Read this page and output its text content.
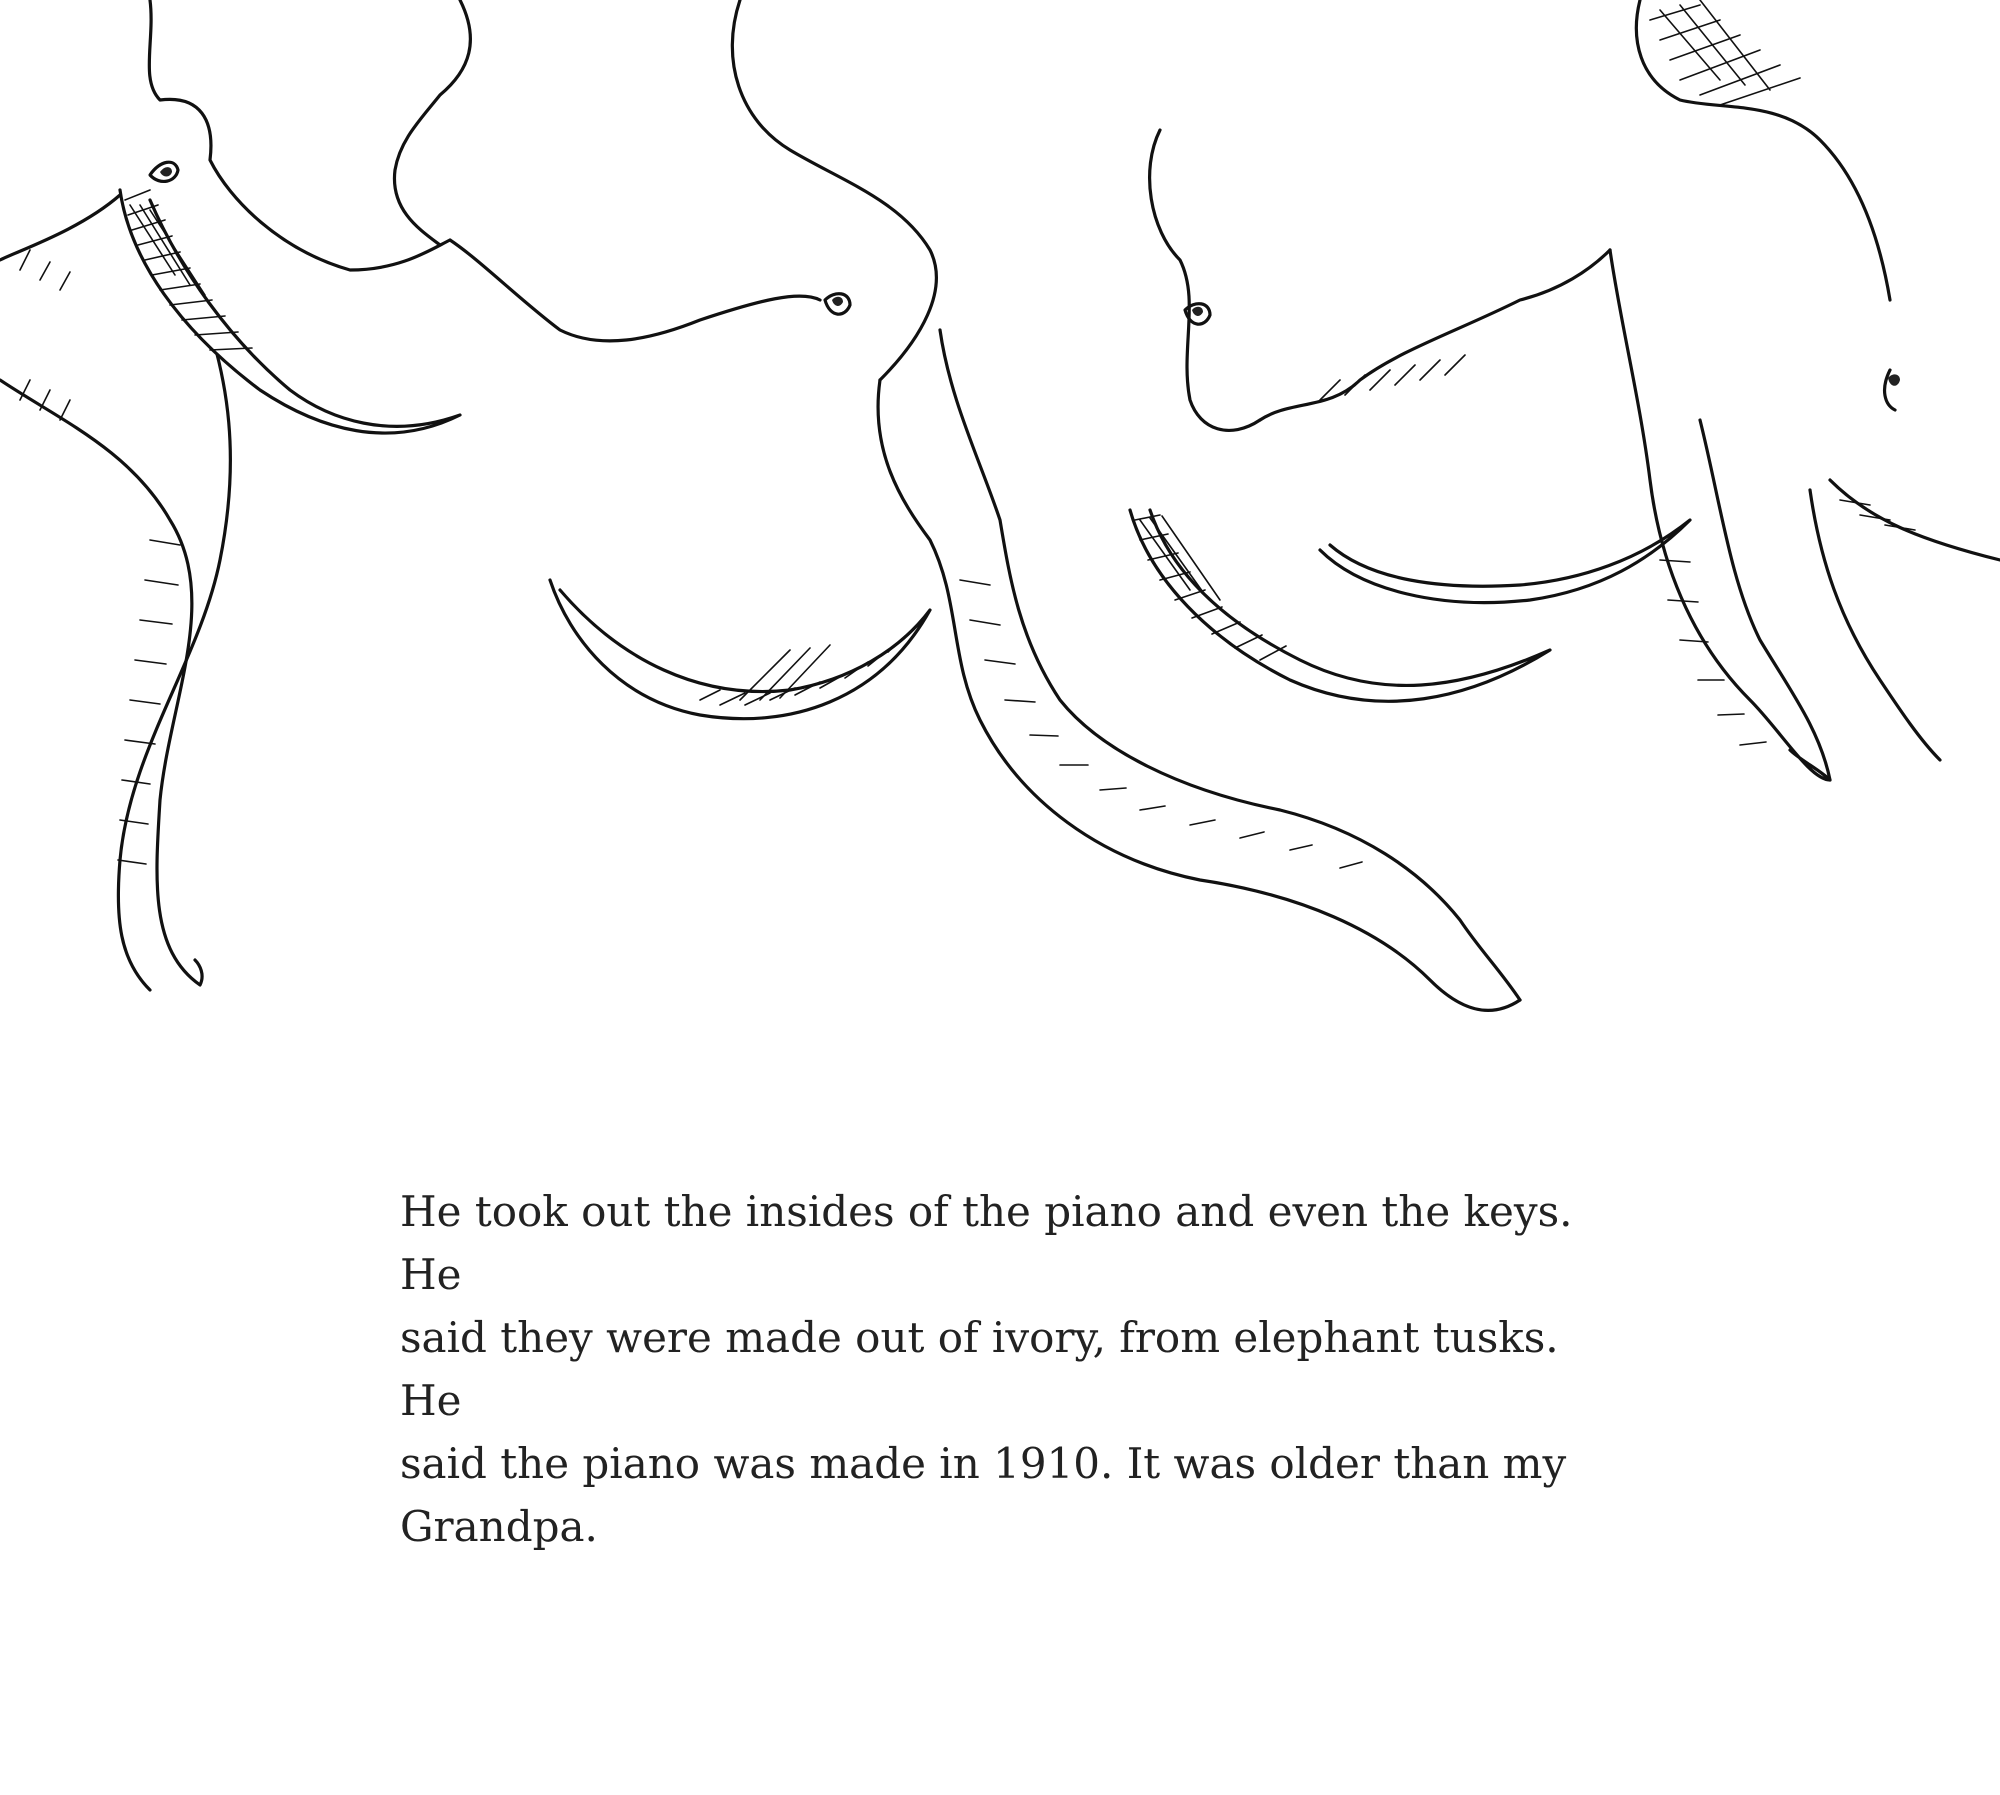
He took out the insides of the piano and even the keys. He

said they were made out of ivory, from elephant tusks. He

said the piano was made in 1910. It was older than my

Grandpa.
